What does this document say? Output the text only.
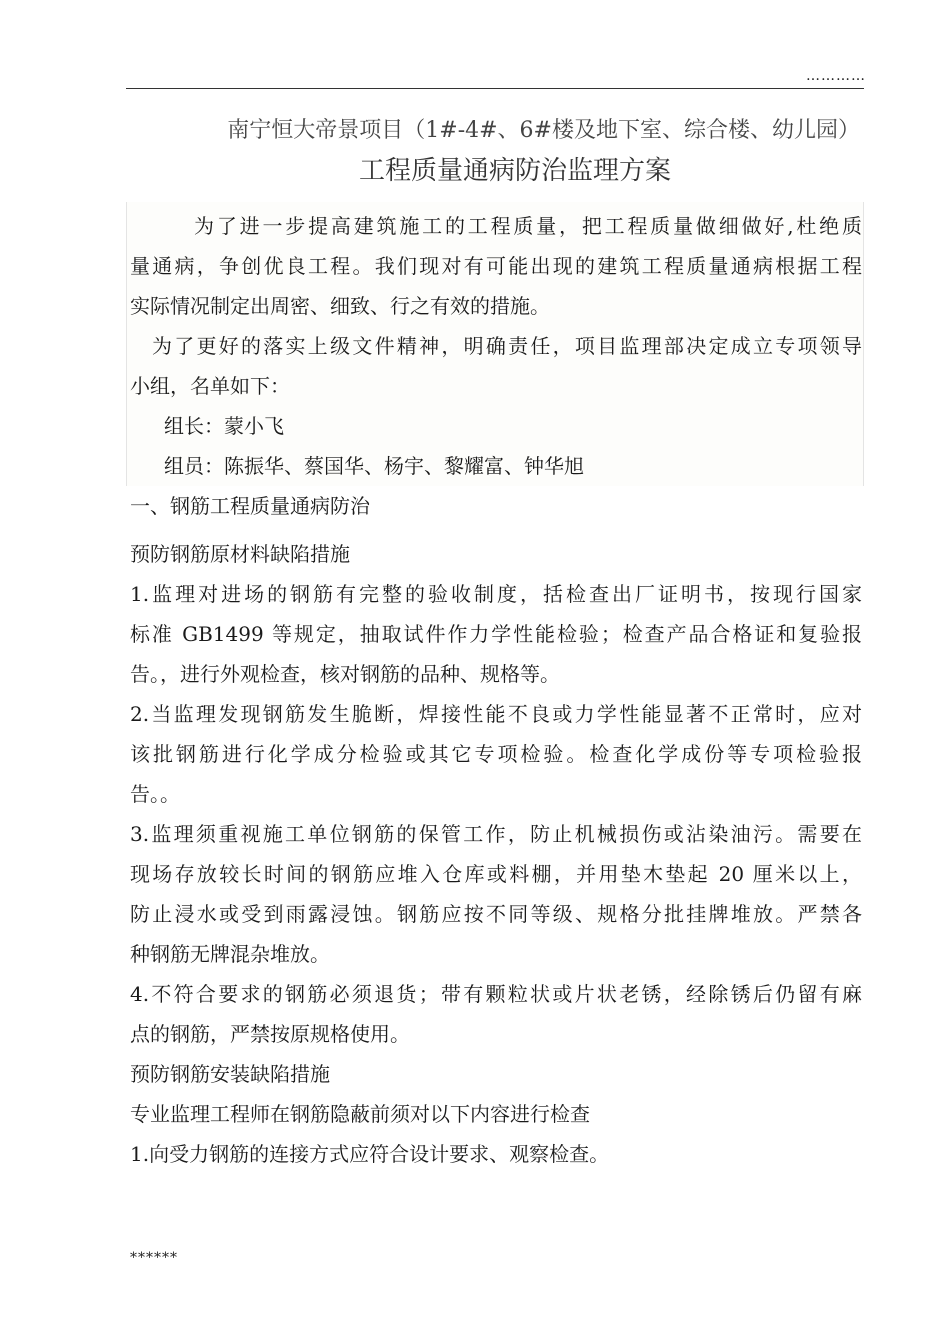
…………
南宁恒大帝景项目（1#-4#、6#楼及地下室、综合楼、幼儿园）
工程质量通病防治监理方案
为了进一步提高建筑施工的工程质量，把工程质量做细做好,杜绝质
量通病，争创优良工程。我们现对有可能出现的建筑工程质量通病根据工程
实际情况制定出周密、细致、行之有效的措施。
为了更好的落实上级文件精神，明确责任，项目监理部决定成立专项领导
小组，名单如下：
组长：蒙小飞
组员：陈振华、蔡国华、杨宇、黎耀富、钟华旭
一、钢筋工程质量通病防治
预防钢筋原材料缺陷措施
1.监理对进场的钢筋有完整的验收制度，括检查出厂证明书，按现行国家
标准 GB1499 等规定，抽取试件作力学性能检验；检查产品合格证和复验报
告。，进行外观检查，核对钢筋的品种、规格等。
2.当监理发现钢筋发生脆断，焊接性能不良或力学性能显著不正常时，应对
该批钢筋进行化学成分检验或其它专项检验。检查化学成份等专项检验报
告。。
3.监理须重视施工单位钢筋的保管工作，防止机械损伤或沾染油污。需要在
现场存放较长时间的钢筋应堆入仓库或料棚，并用垫木垫起 20 厘米以上，
防止浸水或受到雨露浸蚀。钢筋应按不同等级、规格分批挂牌堆放。严禁各
种钢筋无牌混杂堆放。
4.不符合要求的钢筋必须退货；带有颗粒状或片状老锈，经除锈后仍留有麻
点的钢筋，严禁按原规格使用。
预防钢筋安装缺陷措施
专业监理工程师在钢筋隐蔽前须对以下内容进行检查
1.向受力钢筋的连接方式应符合设计要求、观察检查。
******
